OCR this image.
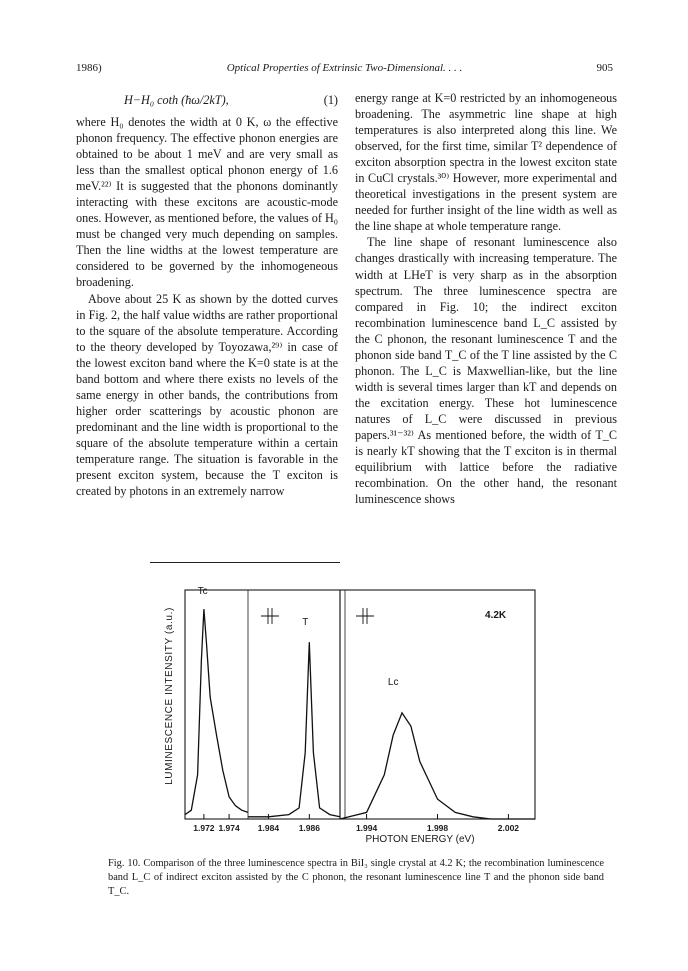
1986)	Optical Properties of Extrinsic Two-Dimensional. . . .	905
H−H₀ coth (ħω/2kT),	(1)

where H₀ denotes the width at 0 K, ω the effective phonon frequency. The effective phonon energies are obtained to be about 1 meV and are very small as less than the smallest optical phonon energy of 1.6 meV.²²⁾ It is suggested that the phonons dominantly interacting with these excitons are acoustic-mode ones. However, as mentioned before, the values of H₀ must be changed very much depending on samples. Then the line widths at the lowest temperature are considered to be governed by the inhomogeneous broadening.

Above about 25 K as shown by the dotted curves in Fig. 2, the half value widths are rather proportional to the square of the absolute temperature. According to the theory developed by Toyozawa,²⁹⁾ in case of the lowest exciton band where the K=0 state is at the band bottom and where there exists no levels of the same energy in other bands, the contributions from higher order scatterings by acoustic phonon are predominant and the line width is proportional to the square of the absolute temperature within a certain temperature range. The situation is favorable in the present exciton system, because the T exciton is created by photons in an extremely narrow

energy range at K=0 restricted by an inhomogeneous broadening. The asymmetric line shape at high temperatures is also interpreted along this line. We observed, for the first time, similar T² dependence of exciton absorption spectra in the lowest exciton state in CuCl crystals.³⁰⁾ However, more experimental and theoretical investigations in the present system are needed for further insight of the line width as well as the line shape at whole temperature range.

The line shape of resonant luminescence also changes drastically with increasing temperature. The width at LHeT is very sharp as in the absorption spectrum. The three luminescence spectra are compared in Fig. 10; the indirect exciton recombination luminescence band L_C assisted by the C phonon, the resonant luminescence T and the phonon side band T_C of the T line assisted by the C phonon. The L_C is Maxwellian-like, but the line width is several times larger than kT and depends on the excitation energy. These hot luminescence natures of L_C were discussed in previous papers.³¹⁻³²⁾ As mentioned before, the width of T_C is nearly kT showing that the T exciton is in thermal equilibrium with lattice before the radiative recombination. On the other hand, the resonant luminescence shows

LUMINESCENCE INTENSITY (a.u.)	4.2K
PHOTON ENERGY (eV)
Tc
T
Lc
1.972 1.974 1.984 1.986	1.994	1.998	2.002
Fig. 10. Comparison of the three luminescence spectra in BiI₃ single crystal at 4.2 K; the recombination luminescence band L_C of indirect exciton assisted by the C phonon, the resonant luminescence line T and the phonon side band T_C.
